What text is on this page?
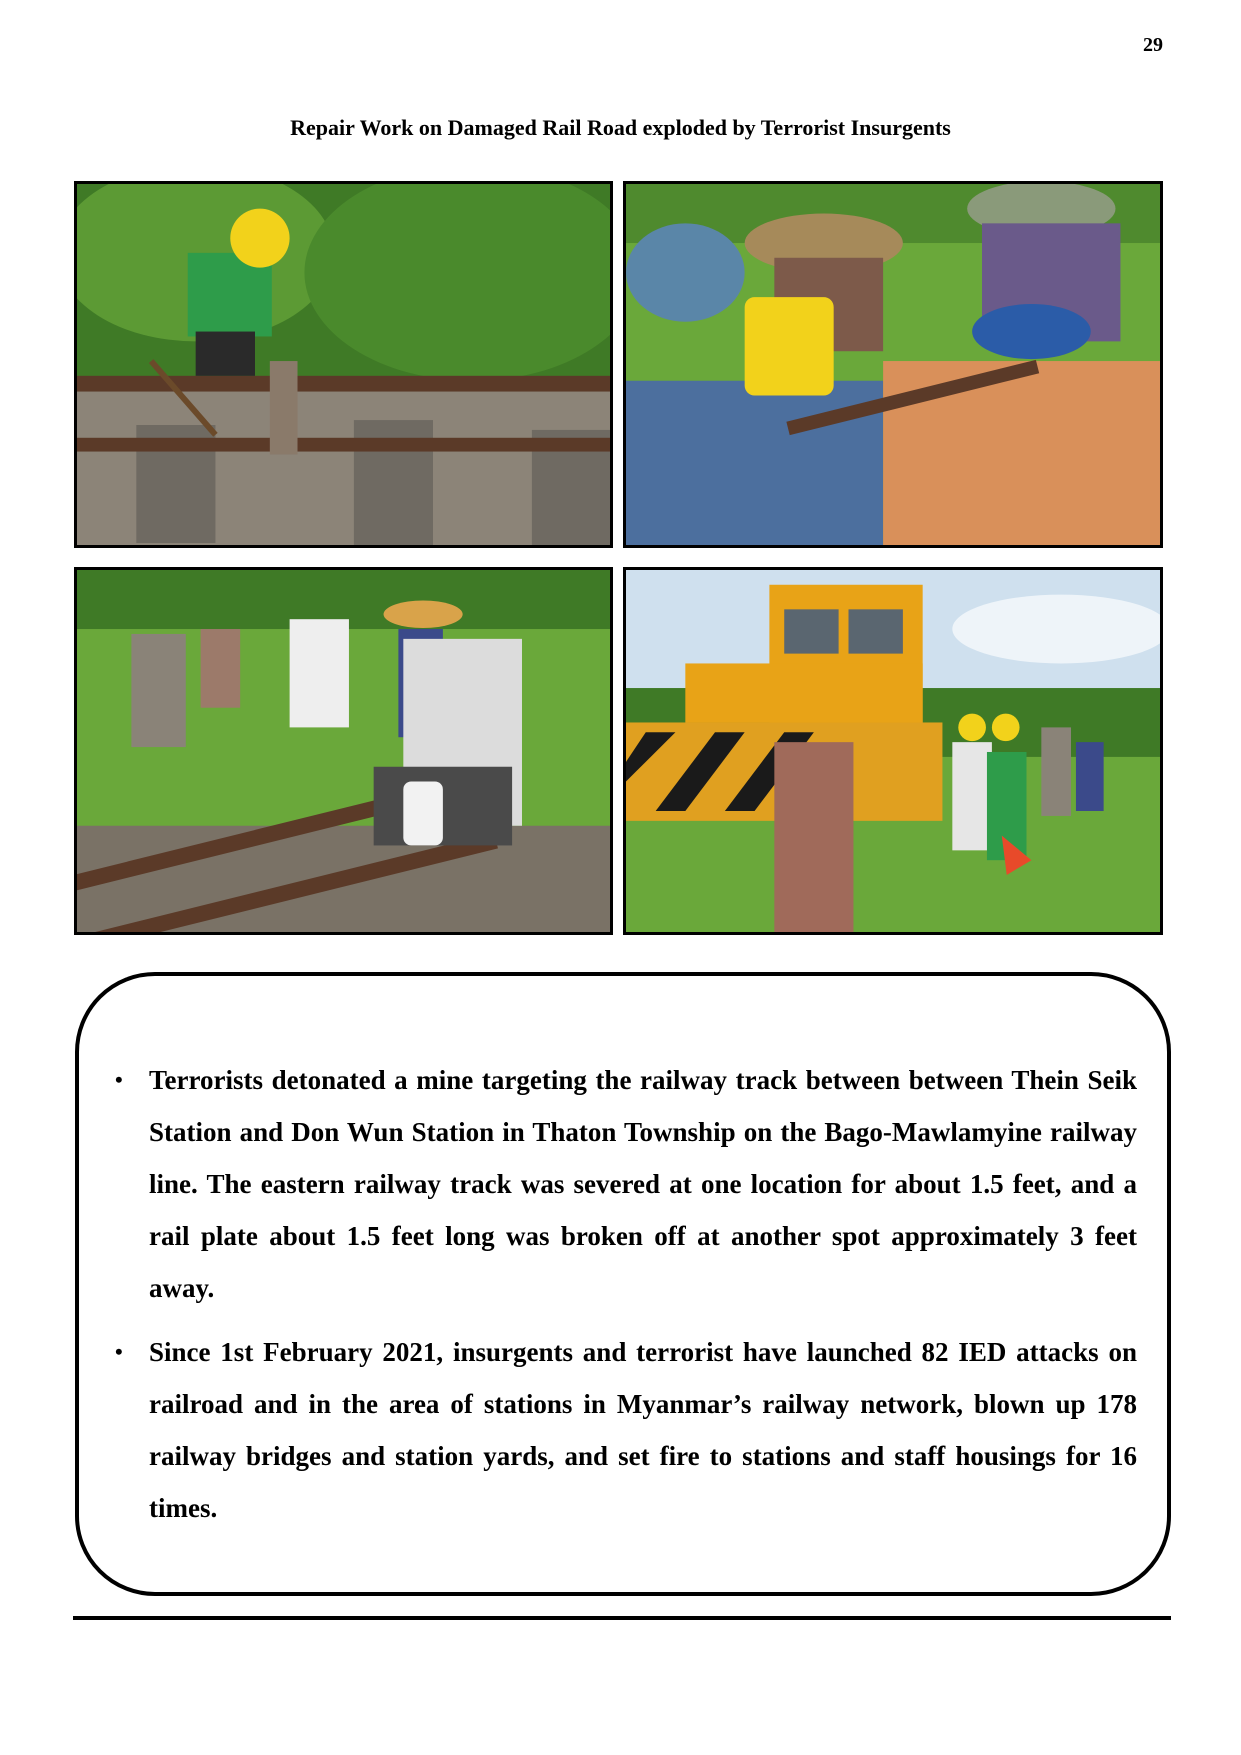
29
Repair Work on Damaged Rail Road exploded by Terrorist Insurgents
• Terrorists detonated a mine targeting the railway track between between Thein Seik Station and Don Wun Station in Thaton Township on the Bago-Mawlamyine railway line. The eastern railway track was severed at one location for about 1.5 feet, and a rail plate about 1.5 feet long was broken off at another spot approximately 3 feet away.
• Since 1st February 2021, insurgents and terrorist have launched 82 IED attacks on railroad and in the area of stations in Myanmar’s railway network, blown up 178 railway bridges and station yards, and set fire to stations and staff housings for 16 times.
